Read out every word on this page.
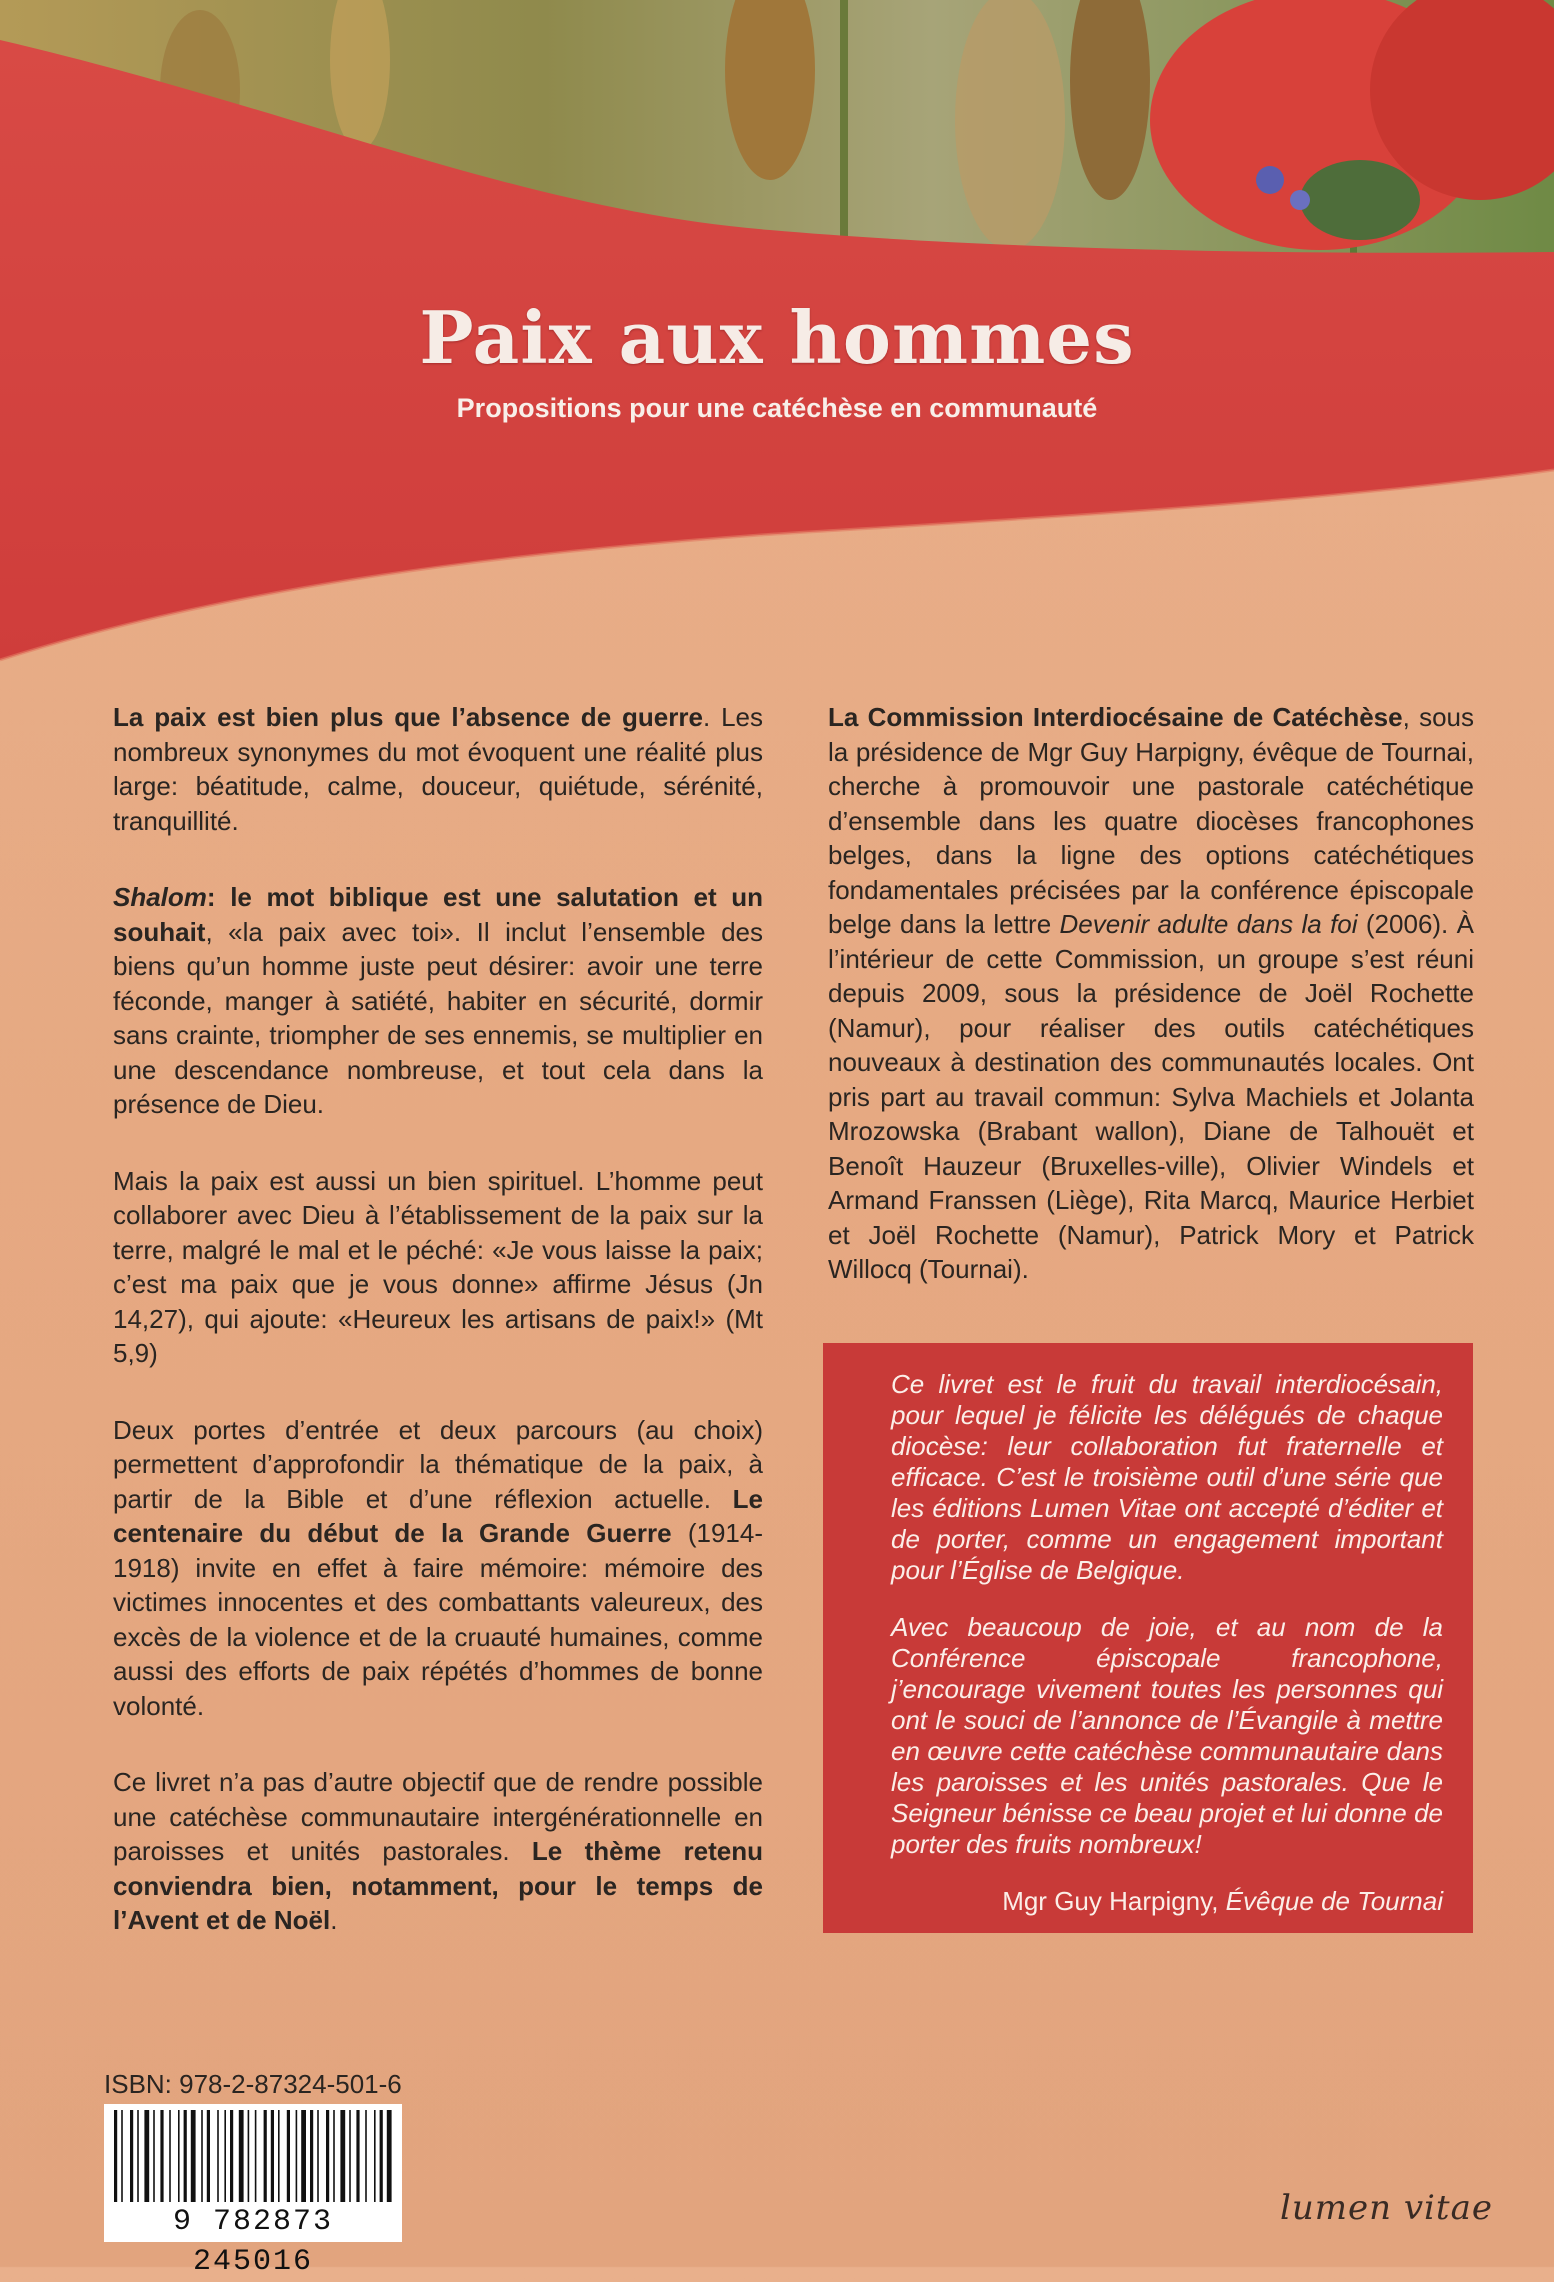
Paix aux hommes
Propositions pour une catéchèse en communauté

La paix est bien plus que l’absence de guerre. Les nombreux synonymes du mot évoquent une réalité plus large: béatitude, calme, douceur, quiétude, sérénité, tranquillité.

Shalom: le mot biblique est une salutation et un souhait, «la paix avec toi». Il inclut l’ensemble des biens qu’un homme juste peut désirer: avoir une terre féconde, manger à satiété, habiter en sécurité, dormir sans crainte, triompher de ses ennemis, se multiplier en une descendance nombreuse, et tout cela dans la présence de Dieu.

Mais la paix est aussi un bien spirituel. L’homme peut collaborer avec Dieu à l’établissement de la paix sur la terre, malgré le mal et le péché: «Je vous laisse la paix; c’est ma paix que je vous donne» affirme Jésus (Jn 14,27), qui ajoute: «Heureux les artisans de paix!» (Mt 5,9)

Deux portes d’entrée et deux parcours (au choix) permettent d’approfondir la thématique de la paix, à partir de la Bible et d’une réflexion actuelle. Le centenaire du début de la Grande Guerre (1914-1918) invite en effet à faire mémoire: mémoire des victimes innocentes et des combattants valeureux, des excès de la violence et de la cruauté humaines, comme aussi des efforts de paix répétés d’hommes de bonne volonté.

Ce livret n’a pas d’autre objectif que de rendre possible une catéchèse communautaire intergénérationnelle en paroisses et unités pastorales. Le thème retenu conviendra bien, notamment, pour le temps de l’Avent et de Noël.

La Commission Interdiocésaine de Catéchèse, sous la présidence de Mgr Guy Harpigny, évêque de Tournai, cherche à promouvoir une pastorale catéchétique d’ensemble dans les quatre diocèses francophones belges, dans la ligne des options catéchétiques fondamentales précisées par la conférence épiscopale belge dans la lettre Devenir adulte dans la foi (2006). À l’intérieur de cette Commission, un groupe s’est réuni depuis 2009, sous la présidence de Joël Rochette (Namur), pour réaliser des outils catéchétiques nouveaux à destination des communautés locales. Ont pris part au travail commun: Sylva Machiels et Jolanta Mrozowska (Brabant wallon), Diane de Talhouët et Benoît Hauzeur (Bruxelles-ville), Olivier Windels et Armand Franssen (Liège), Rita Marcq, Maurice Herbiet et Joël Rochette (Namur), Patrick Mory et Patrick Willocq (Tournai).

Ce livret est le fruit du travail interdiocésain, pour lequel je félicite les délégués de chaque diocèse: leur collaboration fut fraternelle et efficace. C’est le troisième outil d’une série que les éditions Lumen Vitae ont accepté d’éditer et de porter, comme un engagement important pour l’Église de Belgique.

Avec beaucoup de joie, et au nom de la Conférence épiscopale francophone, j’encourage vivement toutes les personnes qui ont le souci de l’annonce de l’Évangile à mettre en œuvre cette catéchèse communautaire dans les paroisses et les unités pastorales. Que le Seigneur bénisse ce beau projet et lui donne de porter des fruits nombreux!

Mgr Guy Harpigny, Évêque de Tournai
ISBN: 978-2-87324-501-6
9 782873 245016
lumen vitae
